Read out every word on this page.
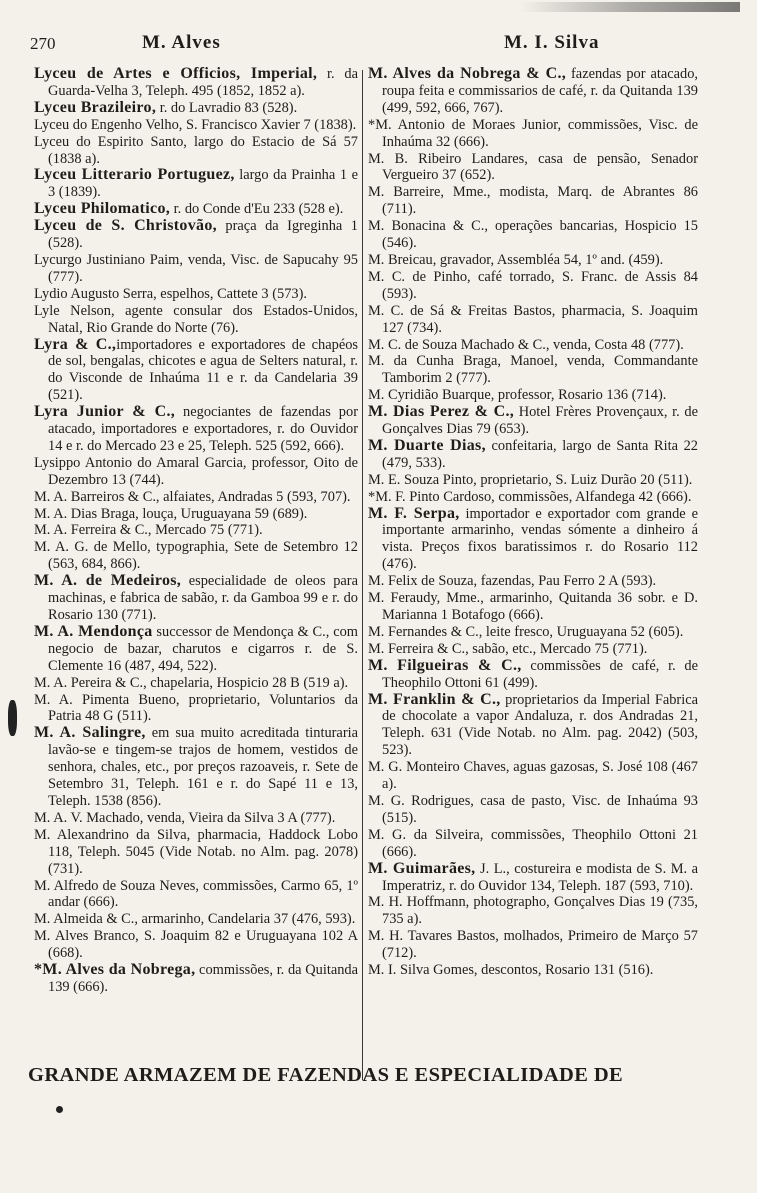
270	M. Alves	M. I. Silva

Lyceu de Artes e Officios, Imperial, r. da Guarda-Velha 3, Teleph. 495 (1852, 1852 a).

Lyceu Brazileiro, r. do Lavradio 83 (528).

Lyceu do Engenho Velho, S. Francisco Xavier 7 (1838).

Lyceu do Espirito Santo, largo do Estacio de Sá 57 (1838 a).

Lyceu Litterario Portuguez, largo da Prainha 1 e 3 (1839).

Lyceu Philomatico, r. do Conde d'Eu 233 (528 e).

Lyceu de S. Christovão, praça da Igreginha 1 (528).

Lycurgo Justiniano Paim, venda, Visc. de Sapucahy 95 (777).

Lydio Augusto Serra, espelhos, Cattete 3 (573).

Lyle Nelson, agente consular dos Estados-Unidos, Natal, Rio Grande do Norte (76).

Lyra & C.,importadores e exportadores de chapéos de sol, bengalas, chicotes e agua de Selters natural, r. do Visconde de Inhaúma 11 e r. da Candelaria 39 (521).

Lyra Junior & C., negociantes de fazendas por atacado, importadores e exportadores, r. do Ouvidor 14 e r. do Mercado 23 e 25, Teleph. 525 (592, 666).

Lysippo Antonio do Amaral Garcia, professor, Oito de Dezembro 13 (744).

M. A. Barreiros & C., alfaiates, Andradas 5 (593, 707).

M. A. Dias Braga, louça, Uruguayana 59 (689).

M. A. Ferreira & C., Mercado 75 (771).

M. A. G. de Mello, typographia, Sete de Setembro 12 (563, 684, 866).

M. A. de Medeiros, especialidade de oleos para machinas, e fabrica de sabão, r. da Gamboa 99 e r. do Rosario 130 (771).

M. A. Mendonça successor de Mendonça & C., com negocio de bazar, charutos e cigarros r. de S. Clemente 16 (487, 494, 522).

M. A. Pereira & C., chapelaria, Hospicio 28 B (519 a).

M. A. Pimenta Bueno, proprietario, Voluntarios da Patria 48 G (511).

M. A. Salingre, em sua muito acreditada tinturaria lavão-se e tingem-se trajos de homem, vestidos de senhora, chales, etc., por preços razoaveis, r. Sete de Setembro 31, Teleph. 161 e r. do Sapé 11 e 13, Teleph. 1538 (856).

M. A. V. Machado, venda, Vieira da Silva 3 A (777).

M. Alexandrino da Silva, pharmacia, Haddock Lobo 118, Teleph. 5045 (Vide Notab. no Alm. pag. 2078) (731).

M. Alfredo de Souza Neves, commissões, Carmo 65, 1º andar (666).

M. Almeida & C., armarinho, Candelaria 37 (476, 593).

M. Alves Branco, S. Joaquim 82 e Uruguayana 102 A (668).

*M. Alves da Nobrega, commissões, r. da Quitanda 139 (666).

M. Alves da Nobrega & C., fazendas por atacado, roupa feita e commissarios de café, r. da Quitanda 139 (499, 592, 666, 767).

*M. Antonio de Moraes Junior, commissões, Visc. de Inhaúma 32 (666).

M. B. Ribeiro Landares, casa de pensão, Senador Vergueiro 37 (652).

M. Barreire, Mme., modista, Marq. de Abrantes 86 (711).

M. Bonacina & C., operações bancarias, Hospicio 15 (546).

M. Breicau, gravador, Assembléa 54, 1º and. (459).

M. C. de Pinho, café torrado, S. Franc. de Assis 84 (593).

M. C. de Sá & Freitas Bastos, pharmacia, S. Joaquim 127 (734).

M. C. de Souza Machado & C., venda, Costa 48 (777).

M. da Cunha Braga, Manoel, venda, Commandante Tamborim 2 (777).

M. Cyridião Buarque, professor, Rosario 136 (714).

M. Dias Perez & C., Hotel Frères Provençaux, r. de Gonçalves Dias 79 (653).

M. Duarte Dias, confeitaria, largo de Santa Rita 22 (479, 533).

M. E. Souza Pinto, proprietario, S. Luiz Durão 20 (511).

*M. F. Pinto Cardoso, commissões, Alfandega 42 (666).

M. F. Serpa, importador e exportador com grande e importante armarinho, vendas sómente a dinheiro á vista. Preços fixos baratissimos r. do Rosario 112 (476).

M. Felix de Souza, fazendas, Pau Ferro 2 A (593).

M. Feraudy, Mme., armarinho, Quitanda 36 sobr. e D. Marianna 1 Botafogo (666).

M. Fernandes & C., leite fresco, Uruguayana 52 (605).

M. Ferreira & C., sabão, etc., Mercado 75 (771).

M. Filgueiras & C., commissões de café, r. de Theophilo Ottoni 61 (499).

M. Franklin & C., proprietarios da Imperial Fabrica de chocolate a vapor Andaluza, r. dos Andradas 21, Teleph. 631 (Vide Notab. no Alm. pag. 2042) (503, 523).

M. G. Monteiro Chaves, aguas gazosas, S. José 108 (467 a).

M. G. Rodrigues, casa de pasto, Visc. de Inhaúma 93 (515).

M. G. da Silveira, commissões, Theophilo Ottoni 21 (666).

M. Guimarães, J. L., costureira e modista de S. M. a Imperatriz, r. do Ouvidor 134, Teleph. 187 (593, 710).

M. H. Hoffmann, photographo, Gonçalves Dias 19 (735, 735 a).

M. H. Tavares Bastos, molhados, Primeiro de Março 57 (712).

M. I. Silva Gomes, descontos, Rosario 131 (516).

GRANDE ARMAZEM DE FAZENDAS E ESPECIALIDADE DE
